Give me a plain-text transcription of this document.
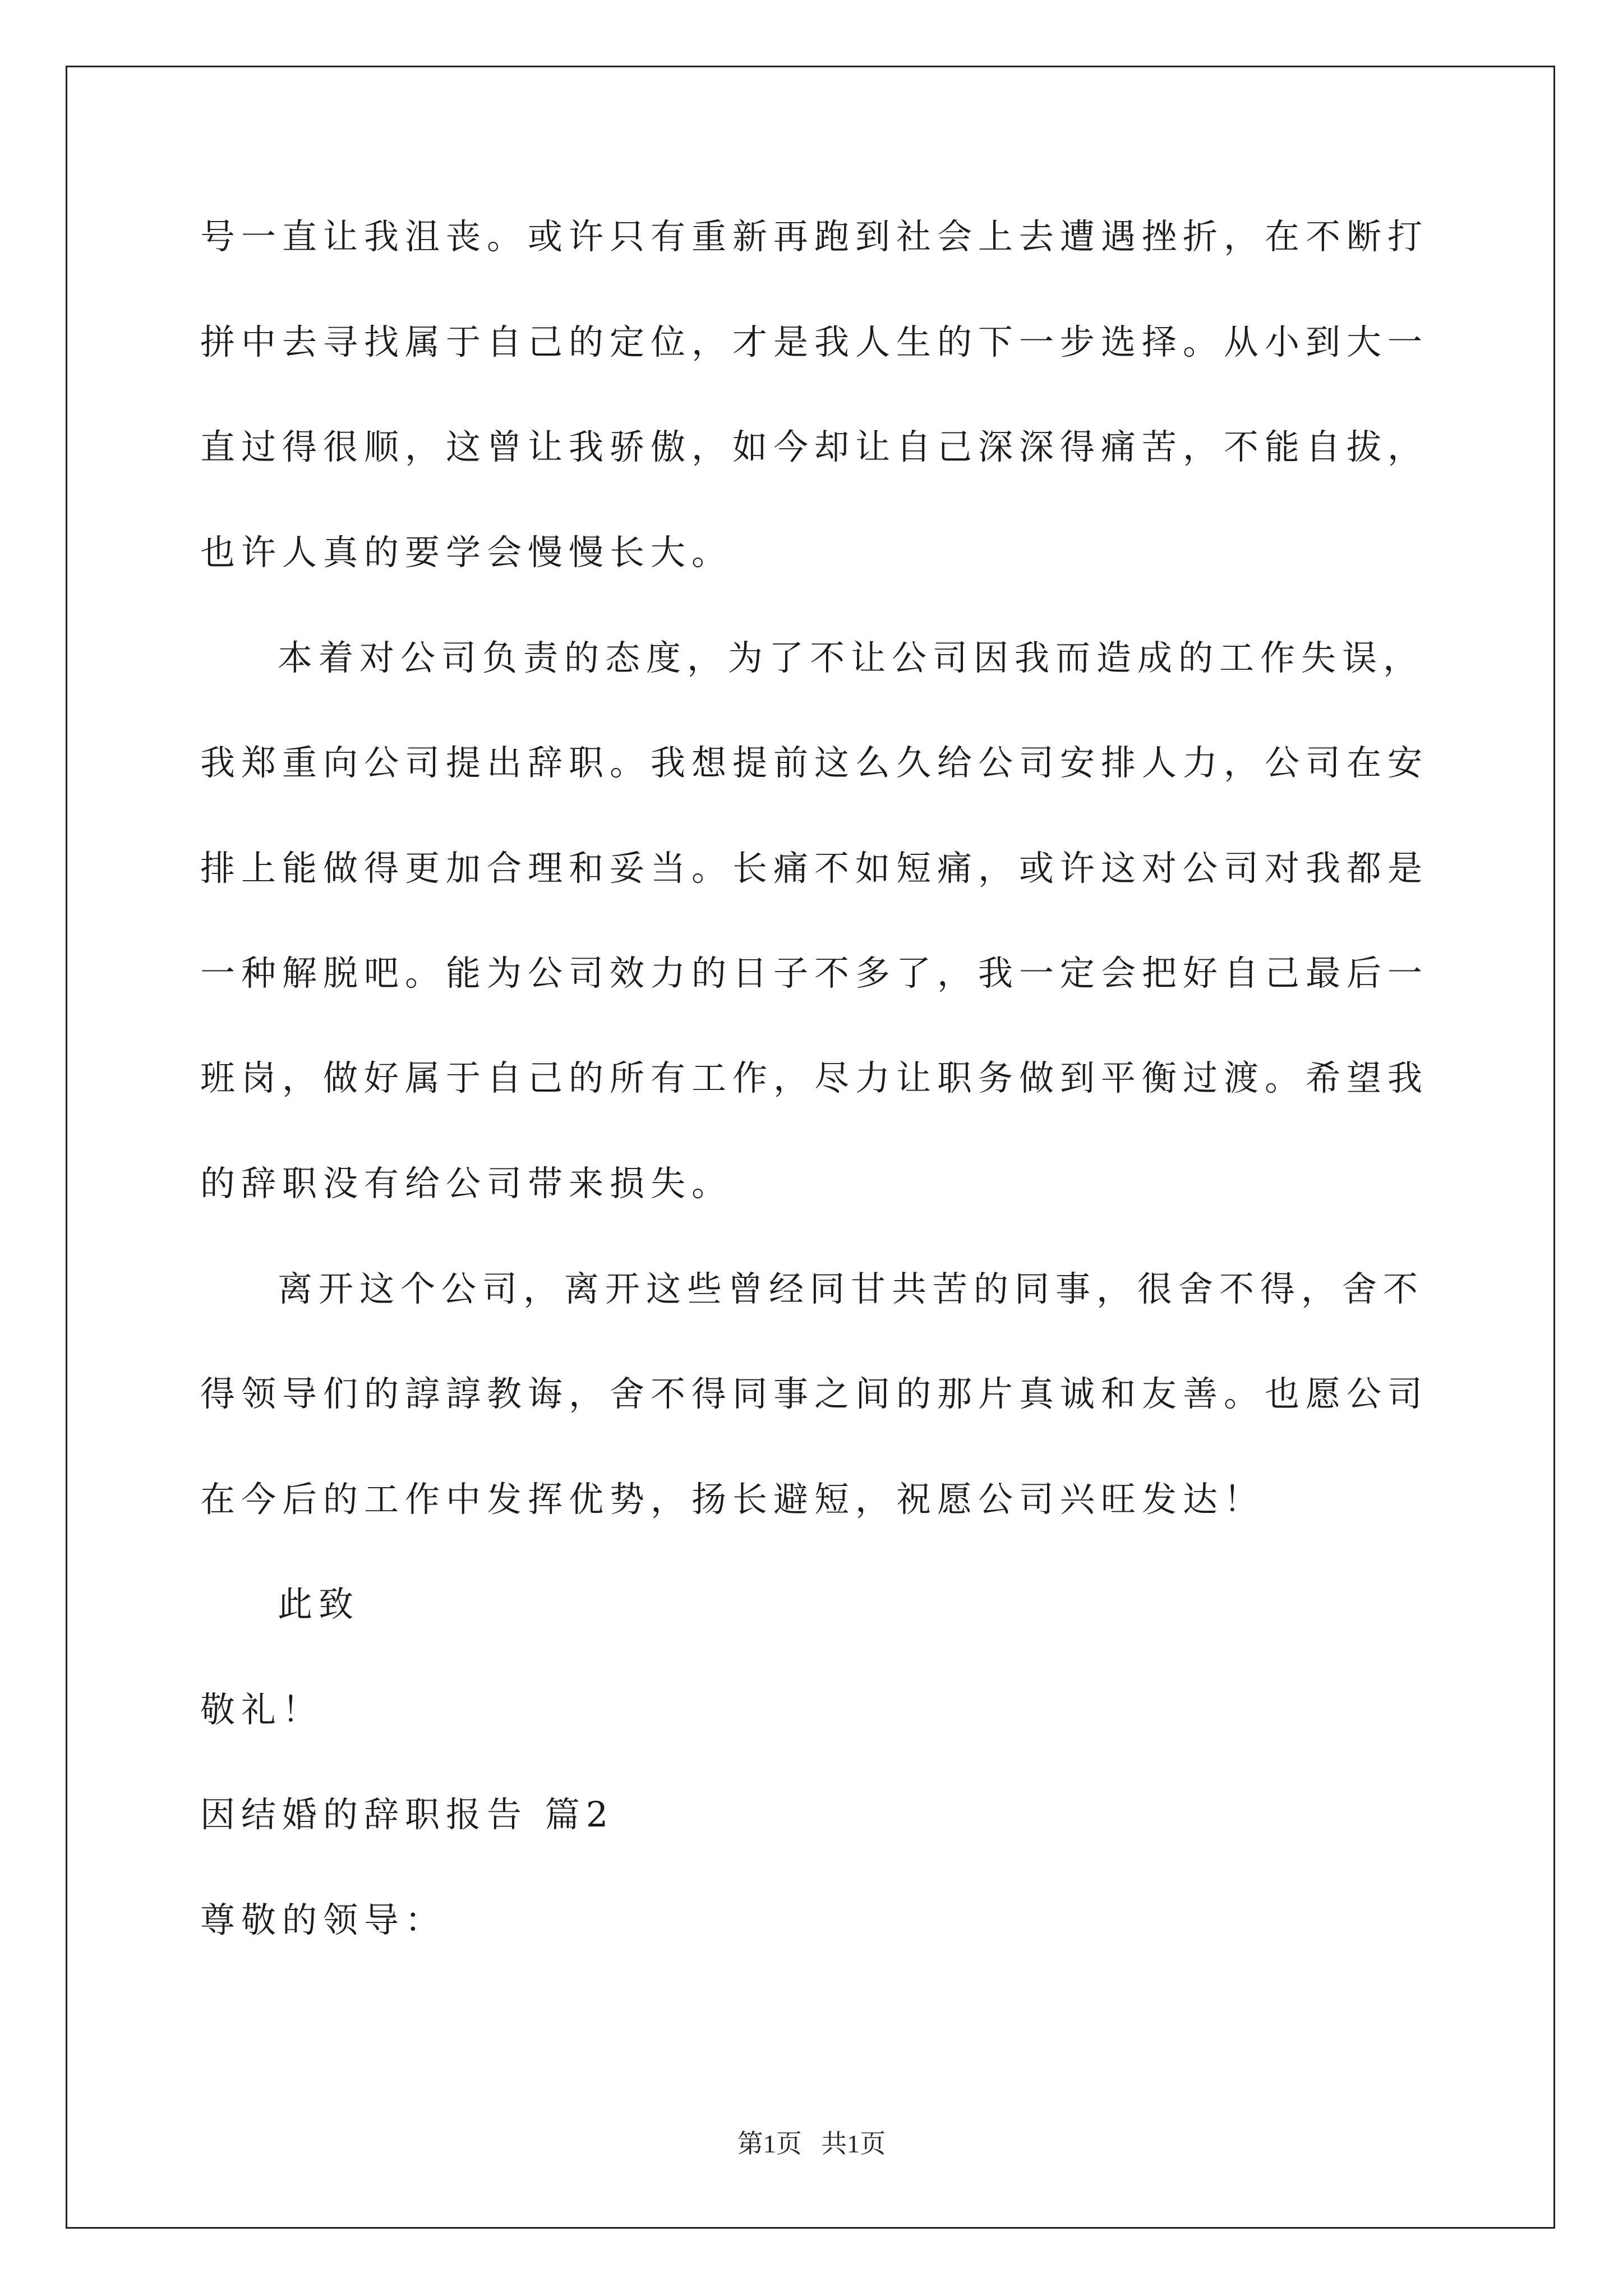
号一直让我沮丧。或许只有重新再跑到社会上去遭遇挫折，在不断打
拼中去寻找属于自己的定位，才是我人生的下一步选择。从小到大一
直过得很顺，这曾让我骄傲，如今却让自己深深得痛苦，不能自拔，
也许人真的要学会慢慢长大。
本着对公司负责的态度，为了不让公司因我而造成的工作失误，
我郑重向公司提出辞职。我想提前这么久给公司安排人力，公司在安
排上能做得更加合理和妥当。长痛不如短痛，或许这对公司对我都是
一种解脱吧。能为公司效力的日子不多了，我一定会把好自己最后一
班岗，做好属于自己的所有工作，尽力让职务做到平衡过渡。希望我
的辞职没有给公司带来损失。
离开这个公司，离开这些曾经同甘共苦的同事，很舍不得，舍不
得领导们的諄諄教诲，舍不得同事之间的那片真诚和友善。也愿公司
在今后的工作中发挥优势，扬长避短，祝愿公司兴旺发达！
此致
敬礼！
因结婚的辞职报告 篇2
尊敬的领导：
第1页   共1页
